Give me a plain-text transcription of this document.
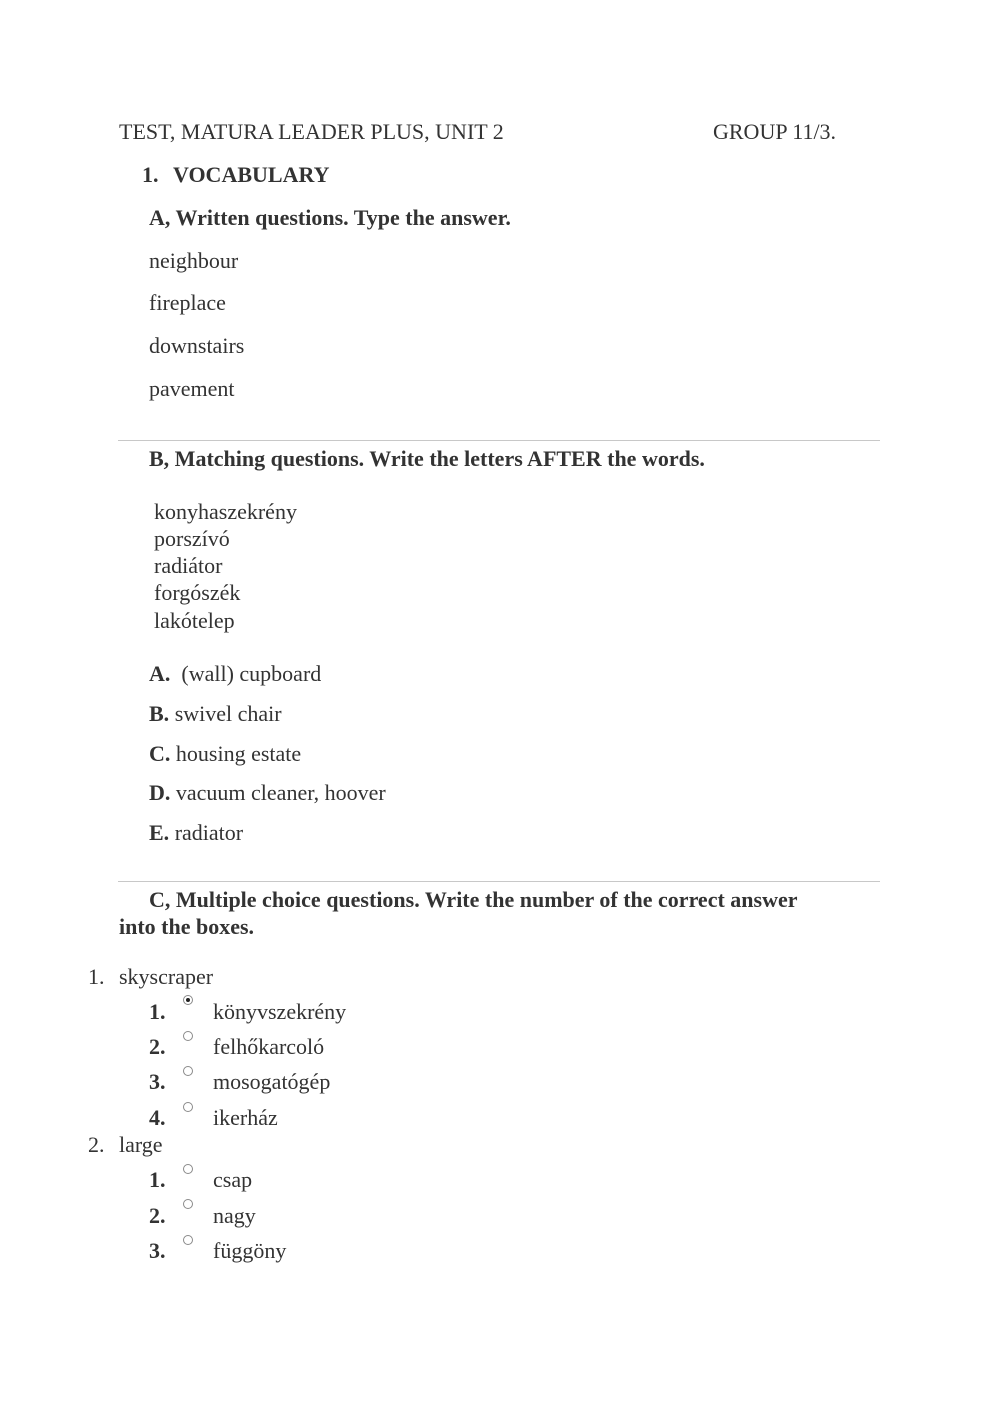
TEST, MATURA LEADER PLUS, UNIT 2	GROUP 11/3.
1. VOCABULARY
A, Written questions. Type the answer.
neighbour
fireplace
downstairs
pavement
B, Matching questions. Write the letters AFTER the words.
konyhaszekrény
porszívó
radiátor
forgószék
lakótelep
A. (wall) cupboard
B. swivel chair
C. housing estate
D. vacuum cleaner, hoover
E. radiator
C, Multiple choice questions. Write the number of the correct answer
into the boxes.
1. skyscraper
1. könyvszekrény
2. felhőkarcoló
3. mosogatógép
4. ikerház
2. large
1. csap
2. nagy
3. függöny
